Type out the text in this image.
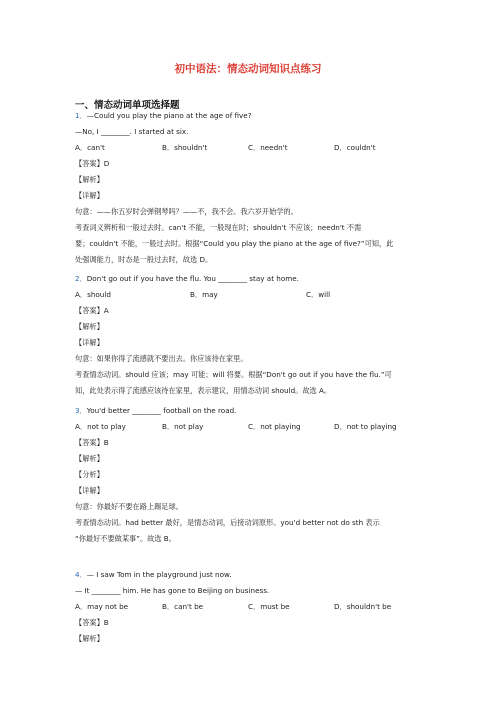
初中语法：情态动词知识点练习
一、情态动词单项选择题
1．—Could you play the piano at the age of five?
—No, I ________. I started at six.
A．can't	B．shouldn't	C．needn't	D．couldn't
【答案】D
【解析】
【详解】
句意：——你五岁时会弹钢琴吗？——不，我不会。我六岁开始学的。
考查词义辨析和一般过去时。can't 不能，一般现在时；shouldn't 不应该；needn't 不需
要；couldn't 不能，一般过去时。根据“Could you play the piano at the age of five?”可知，此
处强调能力，时态是一般过去时，故选 D。
2．Don't go out if you have the flu. You ________ stay at home.
A．should	B．may	C．will
【答案】A
【解析】
【详解】
句意：如果你得了流感就不要出去。你应该待在家里。
考查情态动词。should 应该；may 可能；will 将要。根据“Don't go out if you have the flu.”可
知，此处表示得了流感应该待在家里，表示建议，用情态动词 should。故选 A。
3．You'd better ________ football on the road.
A．not to play	B．not play	C．not playing	D．not to playing
【答案】B
【解析】
【分析】
【详解】
句意：你最好不要在路上踢足球。
考查情态动词。had better 最好，是情态动词，后接动词原形。you'd better not do sth 表示
“你最好不要做某事”。故选 B。
4．— I saw Tom in the playground just now.
— It ________ him. He has gone to Beijing on business.
A．may not be	B．can't be	C．must be	D．shouldn't be
【答案】B
【解析】
